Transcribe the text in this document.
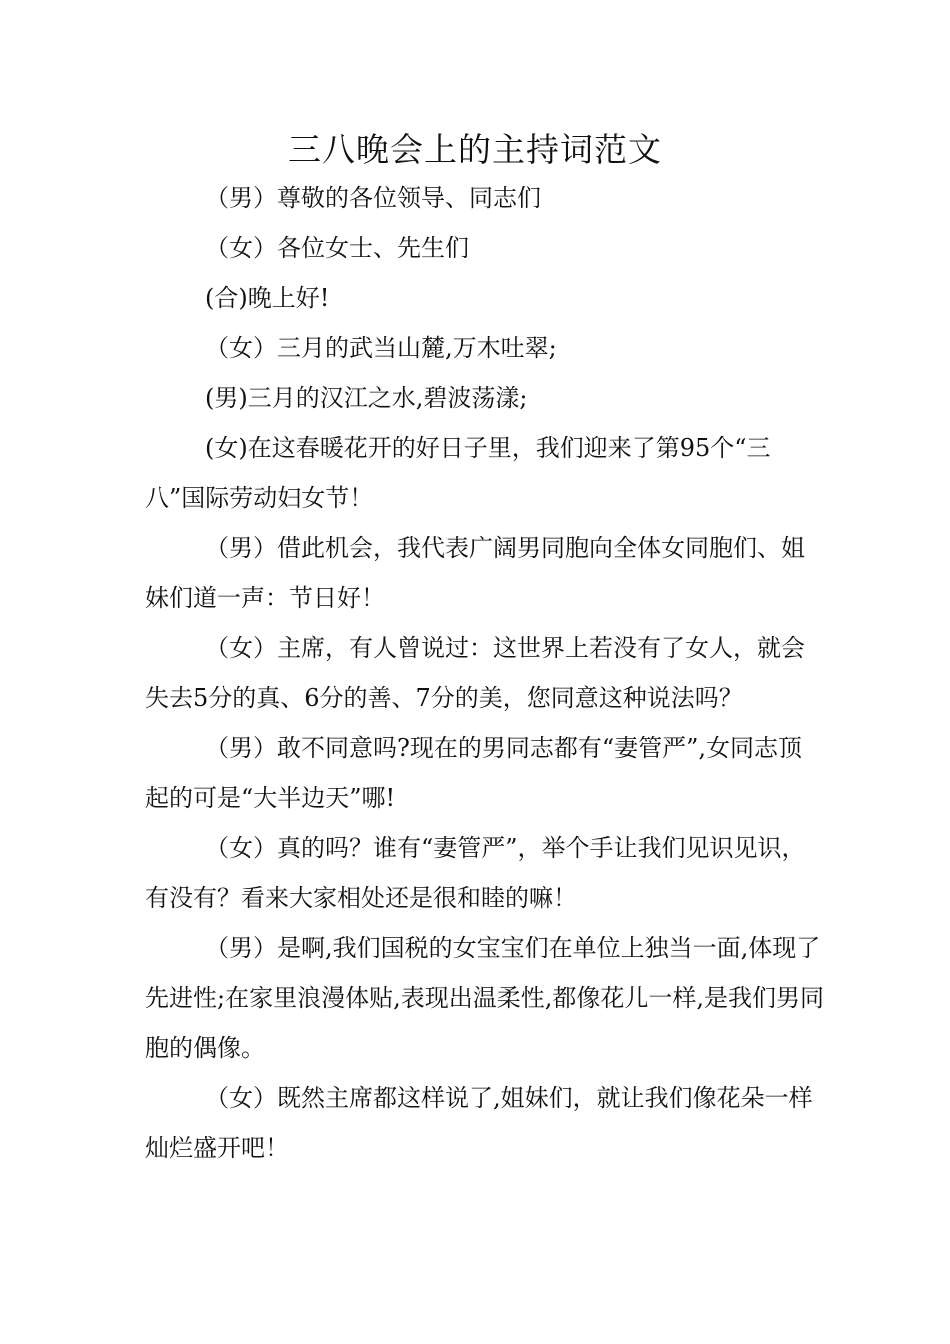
三八晚会上的主持词范文

（男）尊敬的各位领导、同志们

（女）各位女士、先生们

(合)晚上好!

（女）三月的武当山麓,万木吐翠;

(男)三月的汉江之水,碧波荡漾;

(女)在这春暖花开的好日子里，我们迎来了第95个“三八”国际劳动妇女节！

（男）借此机会，我代表广阔男同胞向全体女同胞们、姐妹们道一声：节日好！

（女）主席，有人曾说过：这世界上若没有了女人，就会失去5分的真、6分的善、7分的美，您同意这种说法吗？

（男）敢不同意吗?现在的男同志都有“妻管严”,女同志顶起的可是“大半边天”哪!

（女）真的吗？谁有“妻管严”，举个手让我们见识见识，有没有？看来大家相处还是很和睦的嘛！

（男）是啊,我们国税的女宝宝们在单位上独当一面,体现了先进性;在家里浪漫体贴,表现出温柔性,都像花儿一样,是我们男同胞的偶像。

（女）既然主席都这样说了,姐妹们，就让我们像花朵一样灿烂盛开吧！
